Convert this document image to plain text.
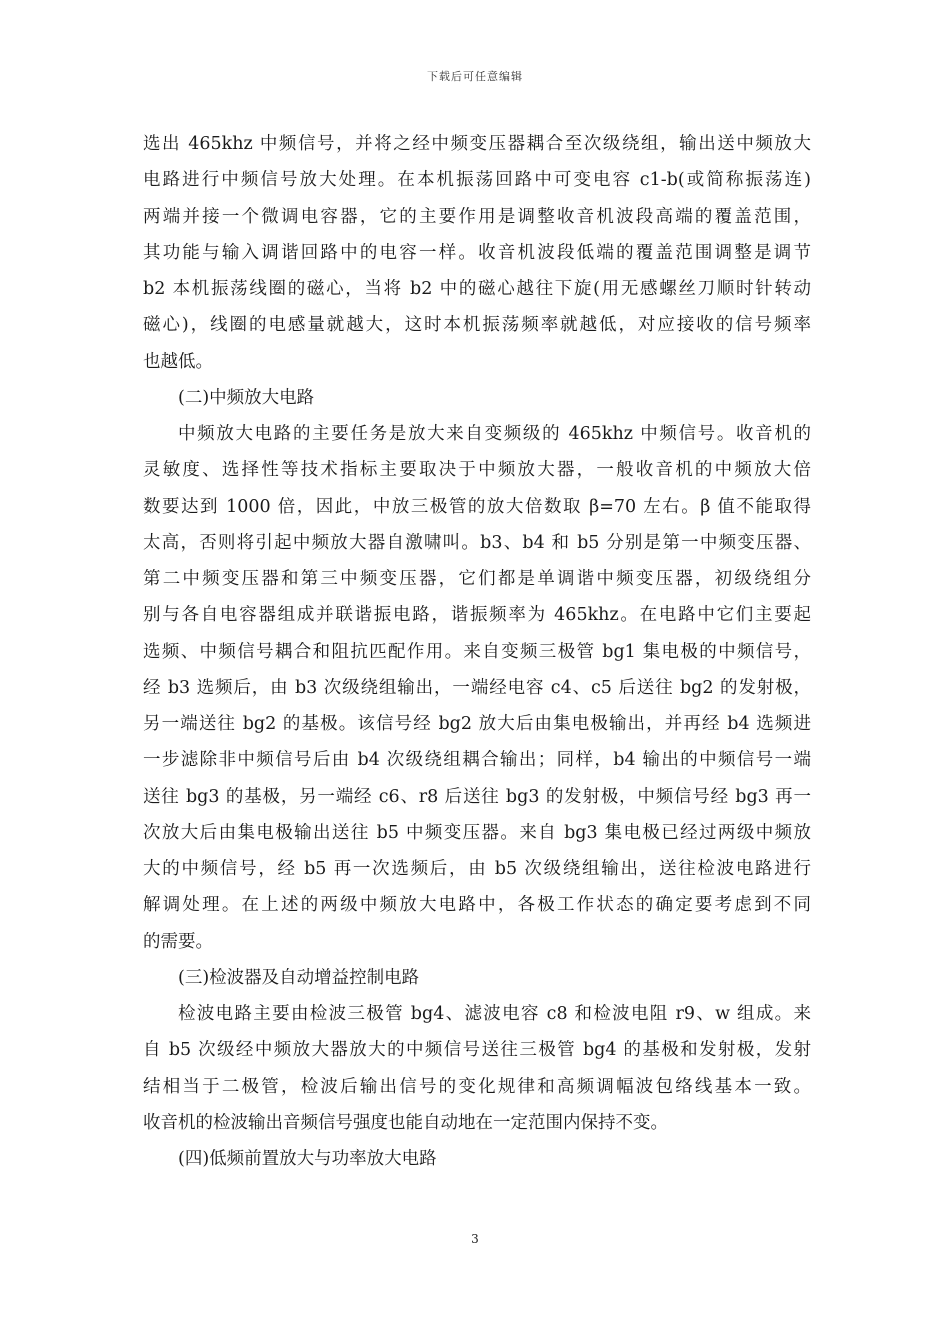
下载后可任意编辑
选出 465khz 中频信号，并将之经中频变压器耦合至次级绕组，输出送中频放大
电路进行中频信号放大处理。在本机振荡回路中可变电容 c1-b(或简称振荡连)
两端并接一个微调电容器，它的主要作用是调整收音机波段高端的覆盖范围，
其功能与输入调谐回路中的电容一样。收音机波段低端的覆盖范围调整是调节
b2 本机振荡线圈的磁心，当将 b2 中的磁心越往下旋(用无感螺丝刀顺时针转动
磁心)，线圈的电感量就越大，这时本机振荡频率就越低，对应接收的信号频率
也越低。
(二)中频放大电路
中频放大电路的主要任务是放大来自变频级的 465khz 中频信号。收音机的
灵敏度、选择性等技术指标主要取决于中频放大器，一般收音机的中频放大倍
数要达到 1000 倍，因此，中放三极管的放大倍数取 β=70 左右。β 值不能取得
太高，否则将引起中频放大器自激啸叫。b3、b4 和 b5 分别是第一中频变压器、
第二中频变压器和第三中频变压器，它们都是单调谐中频变压器，初级绕组分
别与各自电容器组成并联谐振电路，谐振频率为 465khz。在电路中它们主要起
选频、中频信号耦合和阻抗匹配作用。来自变频三极管 bg1 集电极的中频信号，
经 b3 选频后，由 b3 次级绕组输出，一端经电容 c4、c5 后送往 bg2 的发射极，
另一端送往 bg2 的基极。该信号经 bg2 放大后由集电极输出，并再经 b4 选频进
一步滤除非中频信号后由 b4 次级绕组耦合输出；同样，b4 输出的中频信号一端
送往 bg3 的基极，另一端经 c6、r8 后送往 bg3 的发射极，中频信号经 bg3 再一
次放大后由集电极输出送往 b5 中频变压器。来自 bg3 集电极已经过两级中频放
大的中频信号，经 b5 再一次选频后，由 b5 次级绕组输出，送往检波电路进行
解调处理。在上述的两级中频放大电路中，各极工作状态的确定要考虑到不同
的需要。
(三)检波器及自动增益控制电路
检波电路主要由检波三极管 bg4、滤波电容 c8 和检波电阻 r9、w 组成。来
自 b5 次级经中频放大器放大的中频信号送往三极管 bg4 的基极和发射极，发射
结相当于二极管，检波后输出信号的变化规律和高频调幅波包络线基本一致。
收音机的检波输出音频信号强度也能自动地在一定范围内保持不变。
(四)低频前置放大与功率放大电路
3
